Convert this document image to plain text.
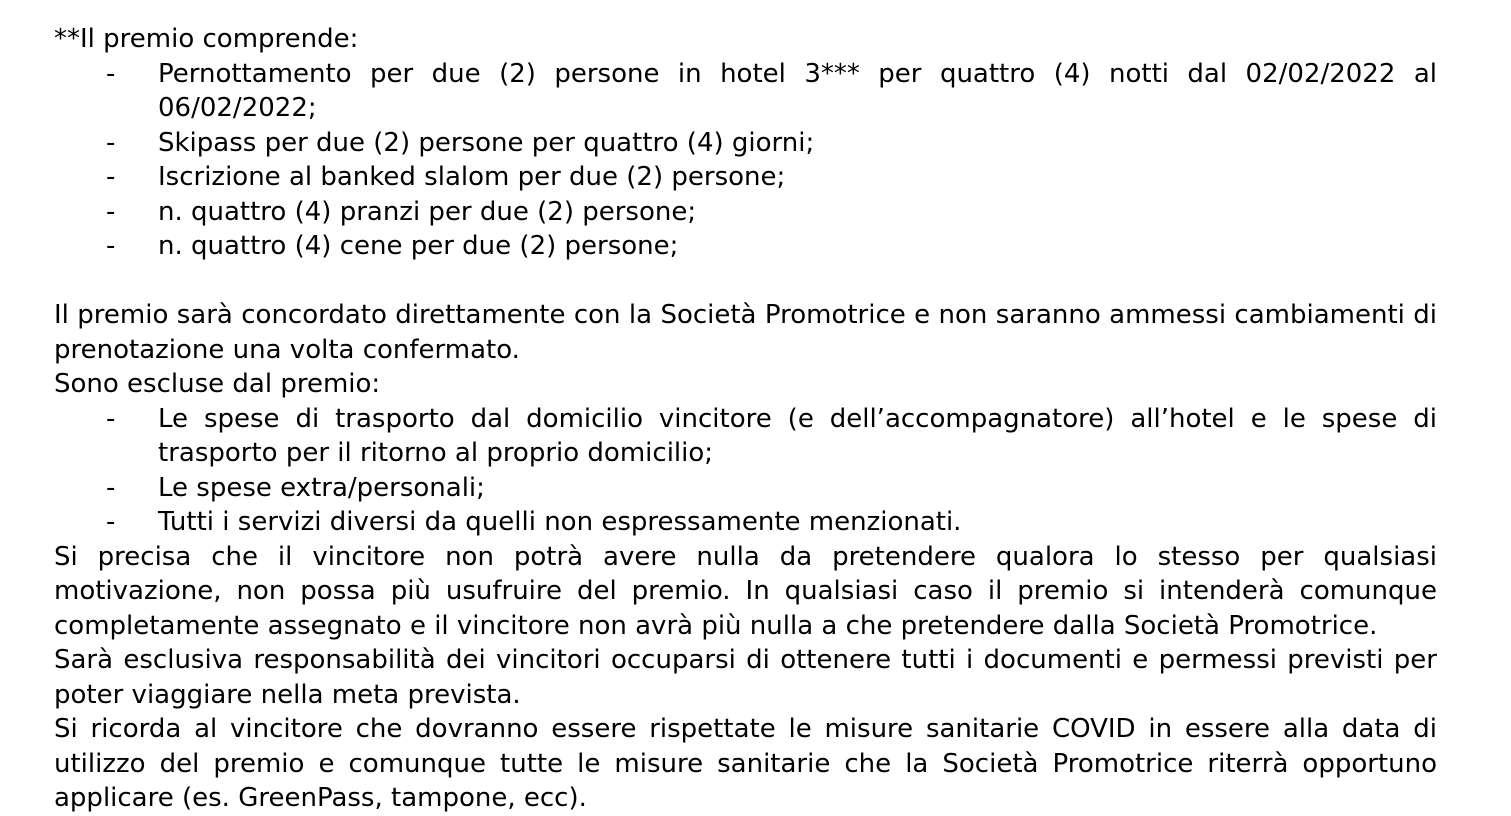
**Il premio comprende:

- Pernottamento per due (2) persone in hotel 3*** per quattro (4) notti dal 02/02/2022 al 06/02/2022;
- Skipass per due (2) persone per quattro (4) giorni;
- Iscrizione al banked slalom per due (2) persone;
- n. quattro (4) pranzi per due (2) persone;
- n. quattro (4) cene per due (2) persone;

Il premio sarà concordato direttamente con la Società Promotrice e non saranno ammessi cambiamenti di prenotazione una volta confermato.

Sono escluse dal premio:

- Le spese di trasporto dal domicilio vincitore (e dell’accompagnatore) all’hotel e le spese di trasporto per il ritorno al proprio domicilio;
- Le spese extra/personali;
- Tutti i servizi diversi da quelli non espressamente menzionati.

Si precisa che il vincitore non potrà avere nulla da pretendere qualora lo stesso per qualsiasi motivazione, non possa più usufruire del premio. In qualsiasi caso il premio si intenderà comunque completamente assegnato e il vincitore non avrà più nulla a che pretendere dalla Società Promotrice.

Sarà esclusiva responsabilità dei vincitori occuparsi di ottenere tutti i documenti e permessi previsti per poter viaggiare nella meta prevista.

Si ricorda al vincitore che dovranno essere rispettate le misure sanitarie COVID in essere alla data di utilizzo del premio e comunque tutte le misure sanitarie che la Società Promotrice riterrà opportuno applicare (es. GreenPass, tampone, ecc).
